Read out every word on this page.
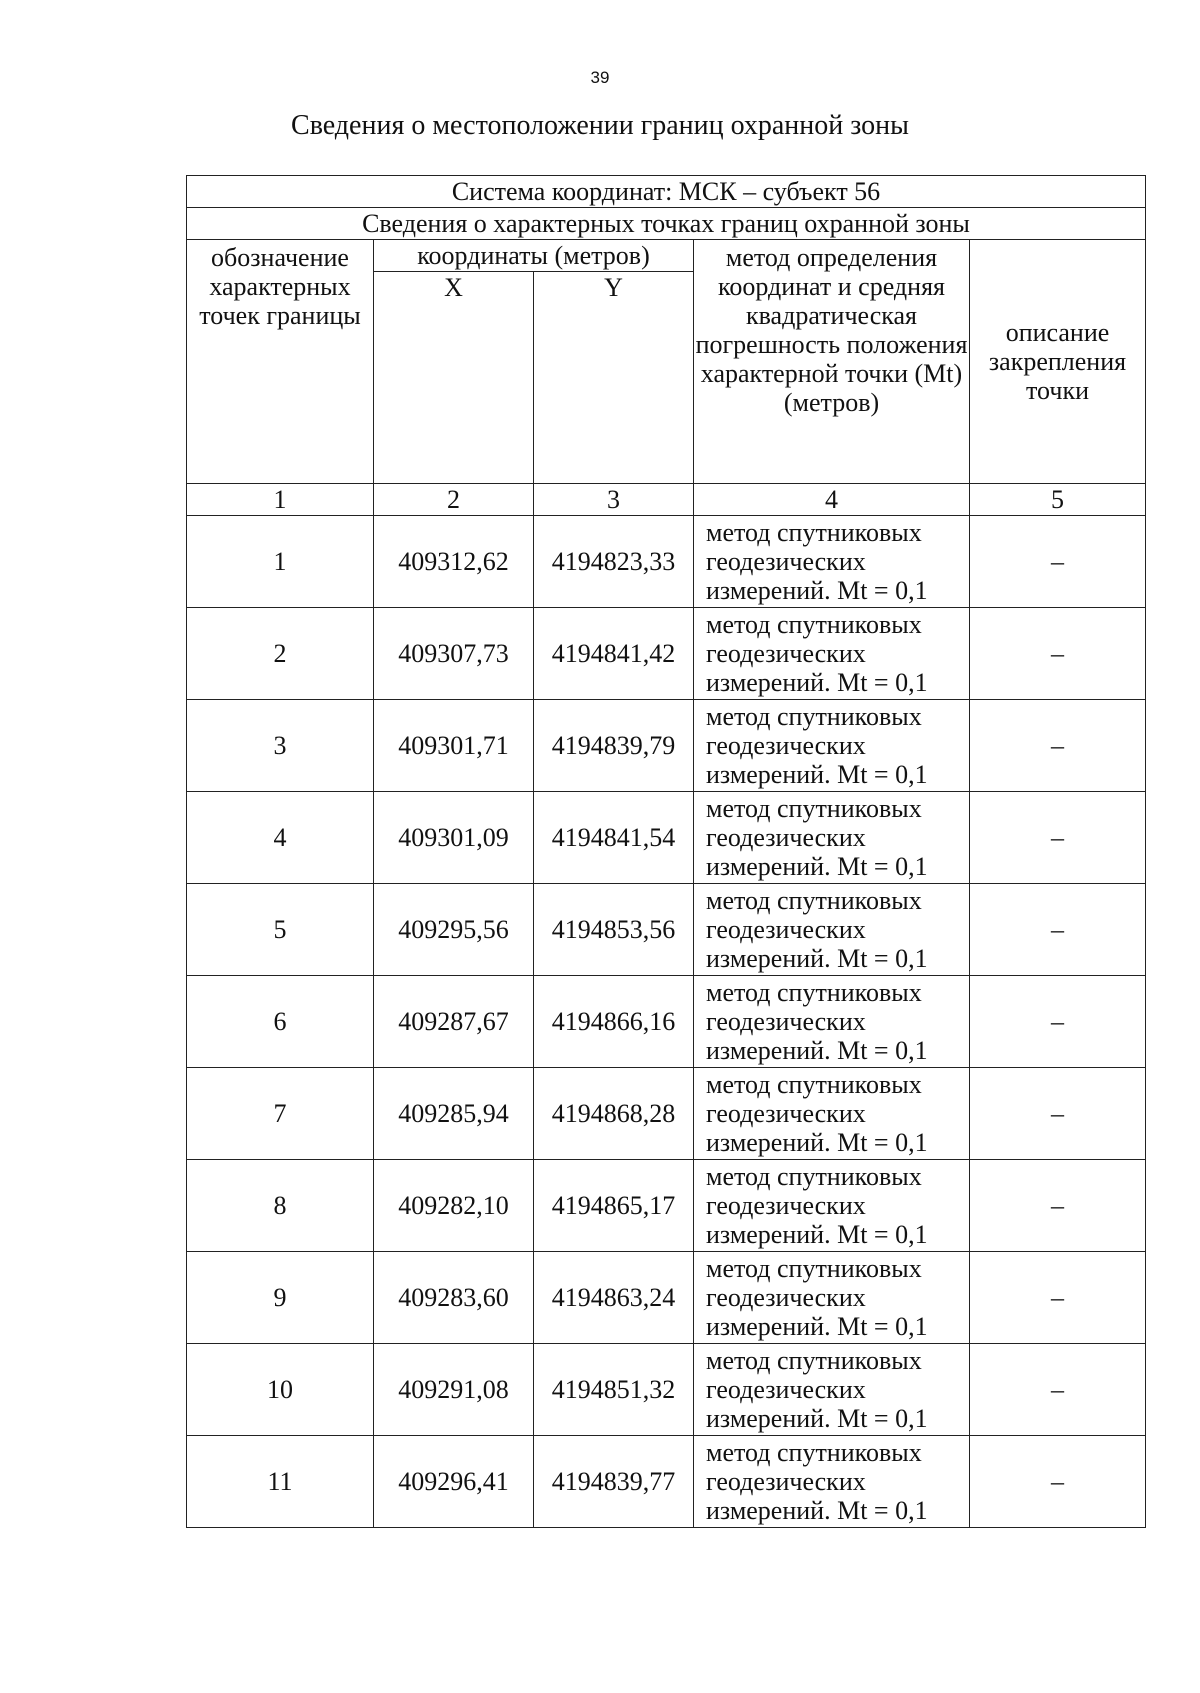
39
Сведения о местоположении границ охранной зоны
Система координат: МСК – субъект 56				
Сведения о характерных точках границ охранной зоны				
обозначение характерных точек границы	координаты (метров)		метод определения координат и средняя квадратическая погрешность положения характерной точки (Mt) (метров)	описание закрепления точки
	X	Y		
1	2	3	4	5
1	409312,62	4194823,33	метод спутниковых геодезических измерений. Mt = 0,1	–
2	409307,73	4194841,42	метод спутниковых геодезических измерений. Mt = 0,1	–
3	409301,71	4194839,79	метод спутниковых геодезических измерений. Mt = 0,1	–
4	409301,09	4194841,54	метод спутниковых геодезических измерений. Mt = 0,1	–
5	409295,56	4194853,56	метод спутниковых геодезических измерений. Mt = 0,1	–
6	409287,67	4194866,16	метод спутниковых геодезических измерений. Mt = 0,1	–
7	409285,94	4194868,28	метод спутниковых геодезических измерений. Mt = 0,1	–
8	409282,10	4194865,17	метод спутниковых геодезических измерений. Mt = 0,1	–
9	409283,60	4194863,24	метод спутниковых геодезических измерений. Mt = 0,1	–
10	409291,08	4194851,32	метод спутниковых геодезических измерений. Mt = 0,1	–
11	409296,41	4194839,77	метод спутниковых геодезических измерений. Mt = 0,1	–
